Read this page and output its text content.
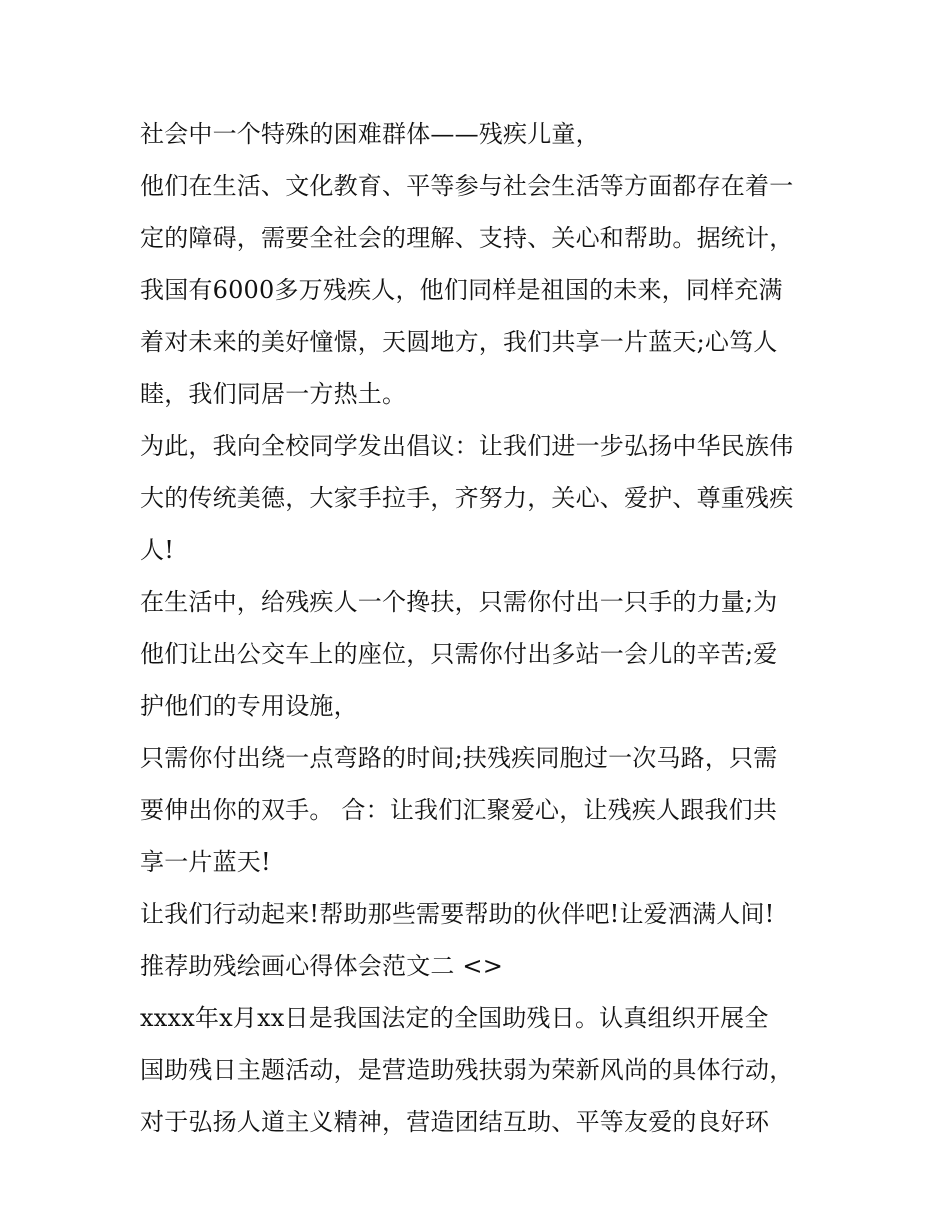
社会中一个特殊的困难群体——残疾儿童，
他们在生活、文化教育、平等参与社会生活等方面都存在着一
定的障碍，需要全社会的理解、支持、关心和帮助。据统计，
我国有6000多万残疾人，他们同样是祖国的未来，同样充满
着对未来的美好憧憬，天圆地方，我们共享一片蓝天;心笃人
睦，我们同居一方热土。
为此，我向全校同学发出倡议：让我们进一步弘扬中华民族伟
大的传统美德，大家手拉手，齐努力，关心、爱护、尊重残疾
人!
在生活中，给残疾人一个搀扶，只需你付出一只手的力量;为
他们让出公交车上的座位，只需你付出多站一会儿的辛苦;爱
护他们的专用设施，
只需你付出绕一点弯路的时间;扶残疾同胞过一次马路，只需
要伸出你的双手。 合：让我们汇聚爱心，让残疾人跟我们共
享一片蓝天!
让我们行动起来!帮助那些需要帮助的伙伴吧!让爱洒满人间!
推荐助残绘画心得体会范文二 <>
xxxx年x月xx日是我国法定的全国助残日。认真组织开展全
国助残日主题活动，是营造助残扶弱为荣新风尚的具体行动，
对于弘扬人道主义精神，营造团结互助、平等友爱的良好环
